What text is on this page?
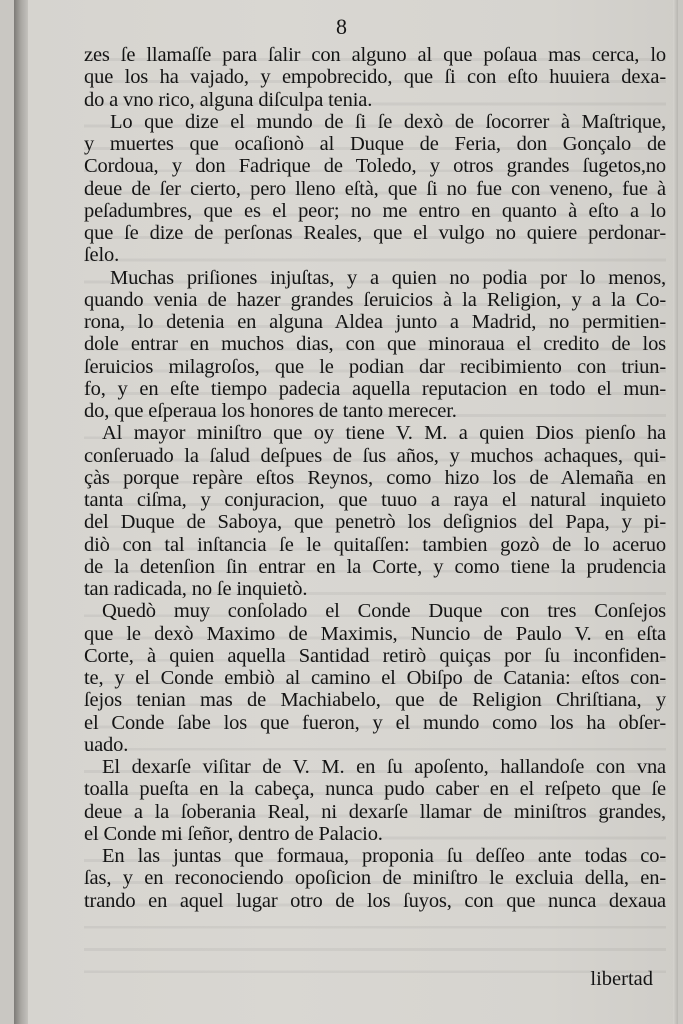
8
zes ſe llamaſſe para ſalir con alguno al que poſaua mas cerca, lo
que los ha vajado, y empobrecido, que ſi con eſto huuiera dexa-
do a vno rico, alguna diſculpa tenia.
Lo que dize el mundo de ſi ſe dexò de ſocorrer à Maſtrique,
y muertes que ocaſionò al Duque de Feria, don Gonçalo de
Cordoua, y don Fadrique de Toledo, y otros grandes ſugetos,no
deue de ſer cierto, pero lleno eſtà, que ſi no fue con veneno, fue à
peſadumbres, que es el peor; no me entro en quanto à eſto a lo
que ſe dize de perſonas Reales, que el vulgo no quiere perdonar-
ſelo.
Muchas priſiones injuſtas, y a quien no podia por lo menos,
quando venia de hazer grandes ſeruicios à la Religion, y a la Co-
rona, lo detenia en alguna Aldea junto a Madrid, no permitien-
dole entrar en muchos dias, con que minoraua el credito de los
ſeruicios milagroſos, que le podian dar recibimiento con triun-
fo, y en eſte tiempo padecia aquella reputacion en todo el mun-
do, que eſperaua los honores de tanto merecer.
Al mayor miniſtro que oy tiene V. M. a quien Dios pienſo ha
conſeruado la ſalud deſpues de ſus años, y muchos achaques, qui-
çàs porque repàre eſtos Reynos, como hizo los de Alemaña en
tanta ciſma, y conjuracion, que tuuo a raya el natural inquieto
del Duque de Saboya, que penetrò los deſignios del Papa, y pi-
diò con tal inſtancia ſe le quitaſſen: tambien gozò de lo aceruo
de la detenſion ſin entrar en la Corte, y como tiene la prudencia
tan radicada, no ſe inquietò.
Quedò muy conſolado el Conde Duque con tres Conſejos
que le dexò Maximo de Maximis, Nuncio de Paulo V. en eſta
Corte, à quien aquella Santidad retirò quiças por ſu inconfiden-
te, y el Conde embiò al camino el Obiſpo de Catania: eſtos con-
ſejos tenian mas de Machiabelo, que de Religion Chriſtiana, y
el Conde ſabe los que fueron, y el mundo como los ha obſer-
uado.
El dexarſe viſitar de V. M. en ſu apoſento, hallandoſe con vna
toalla pueſta en la cabeça, nunca pudo caber en el reſpeto que ſe
deue a la ſoberania Real, ni dexarſe llamar de miniſtros grandes,
el Conde mi ſeñor, dentro de Palacio.
En las juntas que formaua, proponia ſu deſſeo ante todas co-
ſas, y en reconociendo opoſicion de miniſtro le excluia della, en-
trando en aquel lugar otro de los ſuyos, con que nunca dexaua
libertad
